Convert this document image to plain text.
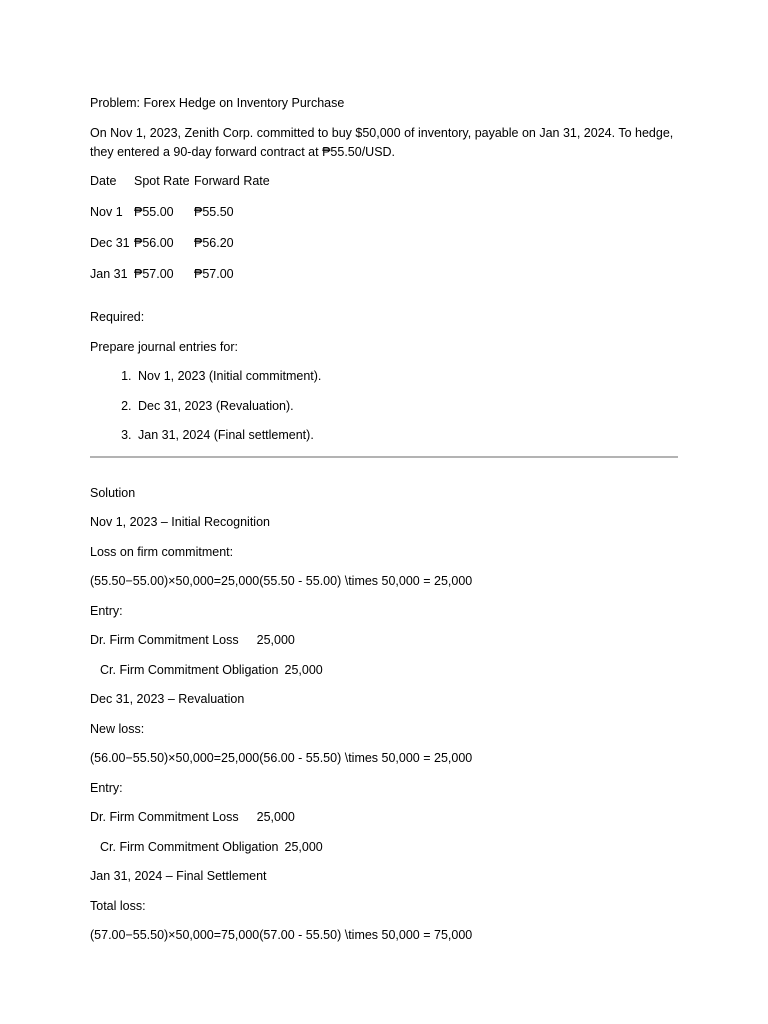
Problem: Forex Hedge on Inventory Purchase
On Nov 1, 2023, Zenith Corp. committed to buy $50,000 of inventory, payable on Jan 31, 2024. To hedge, they entered a 90-day forward contract at ₱55.50/USD.
Date	Spot Rate	Forward Rate
Nov 1	₱55.00	₱55.50
Dec 31	₱56.00	₱56.20
Jan 31	₱57.00	₱57.00
Required:
Prepare journal entries for:
1. Nov 1, 2023 (Initial commitment).
2. Dec 31, 2023 (Revaluation).
3. Jan 31, 2024 (Final settlement).
Solution
Nov 1, 2023 – Initial Recognition
Loss on firm commitment:
(55.50−55.00)×50,000=25,000(55.50 - 55.00) \times 50,000 = 25,000
Entry:
Dr. Firm Commitment Loss 25,000
Cr. Firm Commitment Obligation 25,000
Dec 31, 2023 – Revaluation
New loss:
(56.00−55.50)×50,000=25,000(56.00 - 55.50) \times 50,000 = 25,000
Entry:
Dr. Firm Commitment Loss 25,000
Cr. Firm Commitment Obligation 25,000
Jan 31, 2024 – Final Settlement
Total loss:
(57.00−55.50)×50,000=75,000(57.00 - 55.50) \times 50,000 = 75,000
